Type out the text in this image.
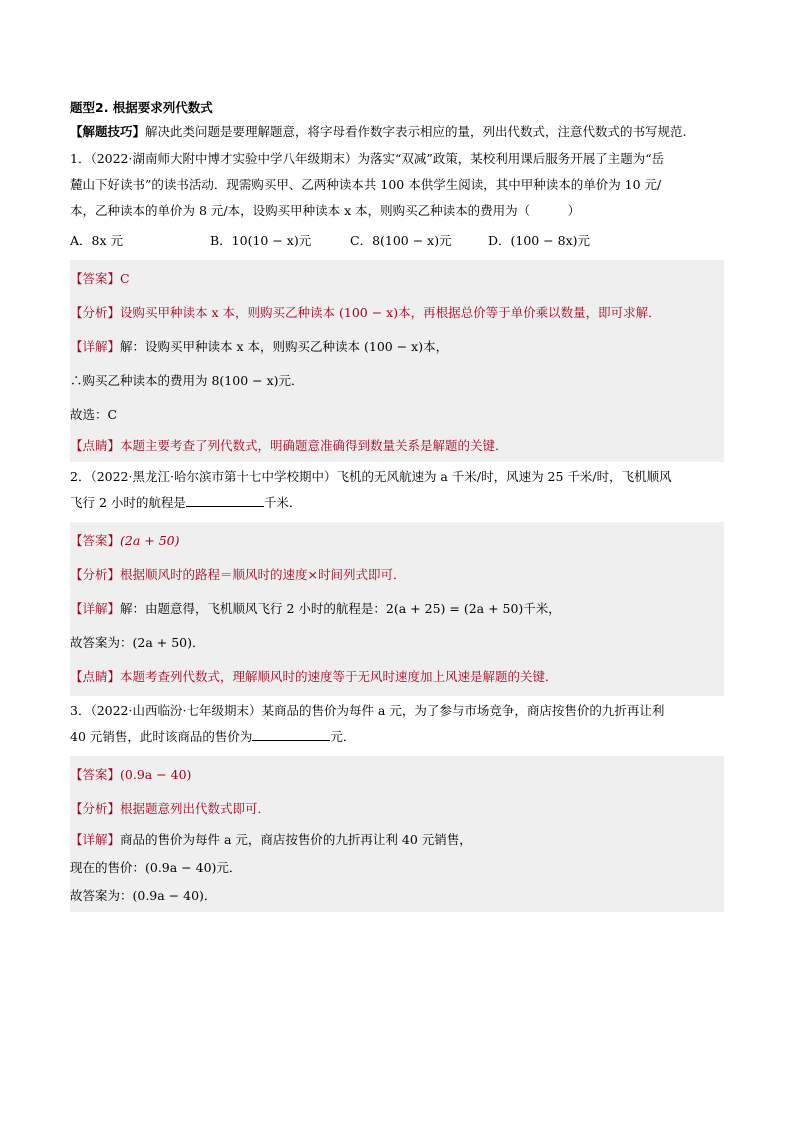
题型2. 根据要求列代数式
【解题技巧】解决此类问题是要理解题意，将字母看作数字表示相应的量，列出代数式，注意代数式的书写规范.
1．（2022·湖南师大附中博才实验中学八年级期末）为落实“双减”政策，某校利用课后服务开展了主题为“岳
麓山下好读书”的读书活动．现需购买甲、乙两种读本共 100 本供学生阅读，其中甲种读本的单价为 10 元/
本，乙种读本的单价为 8 元/本，设购买甲种读本 x 本，则购买乙种读本的费用为（　　　）
A．8x 元	B．10(10 − x)元	C．8(100 − x)元	D．(100 − 8x)元
【答案】C
【分析】设购买甲种读本 x 本，则购买乙种读本 (100 − x)本，再根据总价等于单价乘以数量，即可求解．
【详解】解：设购买甲种读本 x 本，则购买乙种读本 (100 − x)本，
∴购买乙种读本的费用为 8(100 − x)元．
故选：C
【点睛】本题主要考查了列代数式，明确题意准确得到数量关系是解题的关键．
2．（2022·黑龙江·哈尔滨市第十七中学校期中）飞机的无风航速为 a 千米/时，风速为 25 千米/时，飞机顺风
飞行 2 小时的航程是	千米．
【答案】(2a + 50)
【分析】根据顺风时的路程＝顺风时的速度×时间列式即可．
【详解】解：由题意得，飞机顺风飞行 2 小时的航程是：2(a + 25) = (2a + 50)千米，
故答案为：(2a + 50)．
【点睛】本题考查列代数式，理解顺风时的速度等于无风时速度加上风速是解题的关键．
3．（2022·山西临汾·七年级期末）某商品的售价为每件 a 元，为了参与市场竞争，商店按售价的九折再让利
40 元销售，此时该商品的售价为	元．
【答案】(0.9a − 40)
【分析】根据题意列出代数式即可．
【详解】商品的售价为每件 a 元，商店按售价的九折再让利 40 元销售，
现在的售价：(0.9a − 40)元．
故答案为：(0.9a − 40)．
